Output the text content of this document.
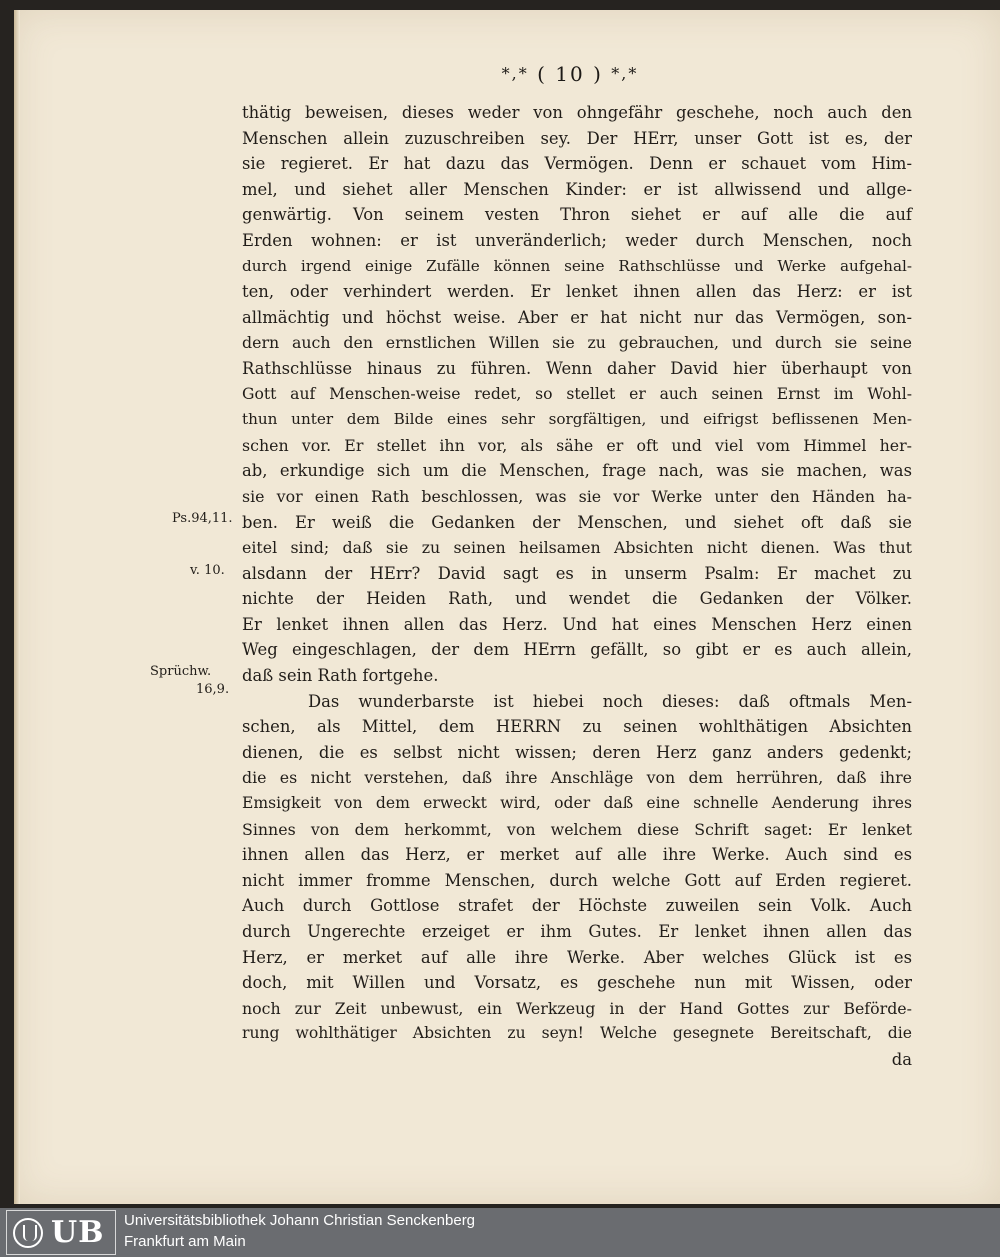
*,* ( 10 ) *,*
thätig beweisen, dieses weder von ohngefähr geschehe, noch auch den
Menschen allein zuzuschreiben sey. Der HErr, unser Gott ist es, der
sie regieret. Er hat dazu das Vermögen. Denn er schauet vom Him-
mel, und siehet aller Menschen Kinder: er ist allwissend und allge-
genwärtig. Von seinem vesten Thron siehet er auf alle die auf
Erden wohnen: er ist unveränderlich; weder durch Menschen, noch
durch irgend einige Zufälle können seine Rathschlüsse und Werke aufgehal-
ten, oder verhindert werden. Er lenket ihnen allen das Herz: er ist
allmächtig und höchst weise. Aber er hat nicht nur das Vermögen, son-
dern auch den ernstlichen Willen sie zu gebrauchen, und durch sie seine
Rathschlüsse hinaus zu führen. Wenn daher David hier überhaupt von
Gott auf Menschen-weise redet, so stellet er auch seinen Ernst im Wohl-
thun unter dem Bilde eines sehr sorgfältigen, und eifrigst beflissenen Men-
schen vor. Er stellet ihn vor, als sähe er oft und viel vom Himmel her-
ab, erkundige sich um die Menschen, frage nach, was sie machen, was
sie vor einen Rath beschlossen, was sie vor Werke unter den Händen ha-
ben. Er weiß die Gedanken der Menschen, und siehet oft daß sie
eitel sind; daß sie zu seinen heilsamen Absichten nicht dienen. Was thut
alsdann der HErr? David sagt es in unserm Psalm: Er machet zu
nichte der Heiden Rath, und wendet die Gedanken der Völker.
Er lenket ihnen allen das Herz. Und hat eines Menschen Herz einen
Weg eingeschlagen, der dem HErrn gefällt, so gibt er es auch allein,
daß sein Rath fortgehe.
Das wunderbarste ist hiebei noch dieses: daß oftmals Men-
schen, als Mittel, dem HERRN zu seinen wohlthätigen Absichten
dienen, die es selbst nicht wissen; deren Herz ganz anders gedenkt;
die es nicht verstehen, daß ihre Anschläge von dem herrühren, daß ihre
Emsigkeit von dem erweckt wird, oder daß eine schnelle Aenderung ihres
Sinnes von dem herkommt, von welchem diese Schrift saget: Er lenket
ihnen allen das Herz, er merket auf alle ihre Werke. Auch sind es
nicht immer fromme Menschen, durch welche Gott auf Erden regieret.
Auch durch Gottlose strafet der Höchste zuweilen sein Volk. Auch
durch Ungerechte erzeiget er ihm Gutes. Er lenket ihnen allen das
Herz, er merket auf alle ihre Werke. Aber welches Glück ist es
doch, mit Willen und Vorsatz, es geschehe nun mit Wissen, oder
noch zur Zeit unbewust, ein Werkzeug in der Hand Gottes zur Beförde-
rung wohlthätiger Absichten zu seyn! Welche gesegnete Bereitschaft, die
da
Ps.94,11.
v. 10.
Sprüchw.
16,9.
UB Universitätsbibliothek Johann Christian Senckenberg
Frankfurt am Main
